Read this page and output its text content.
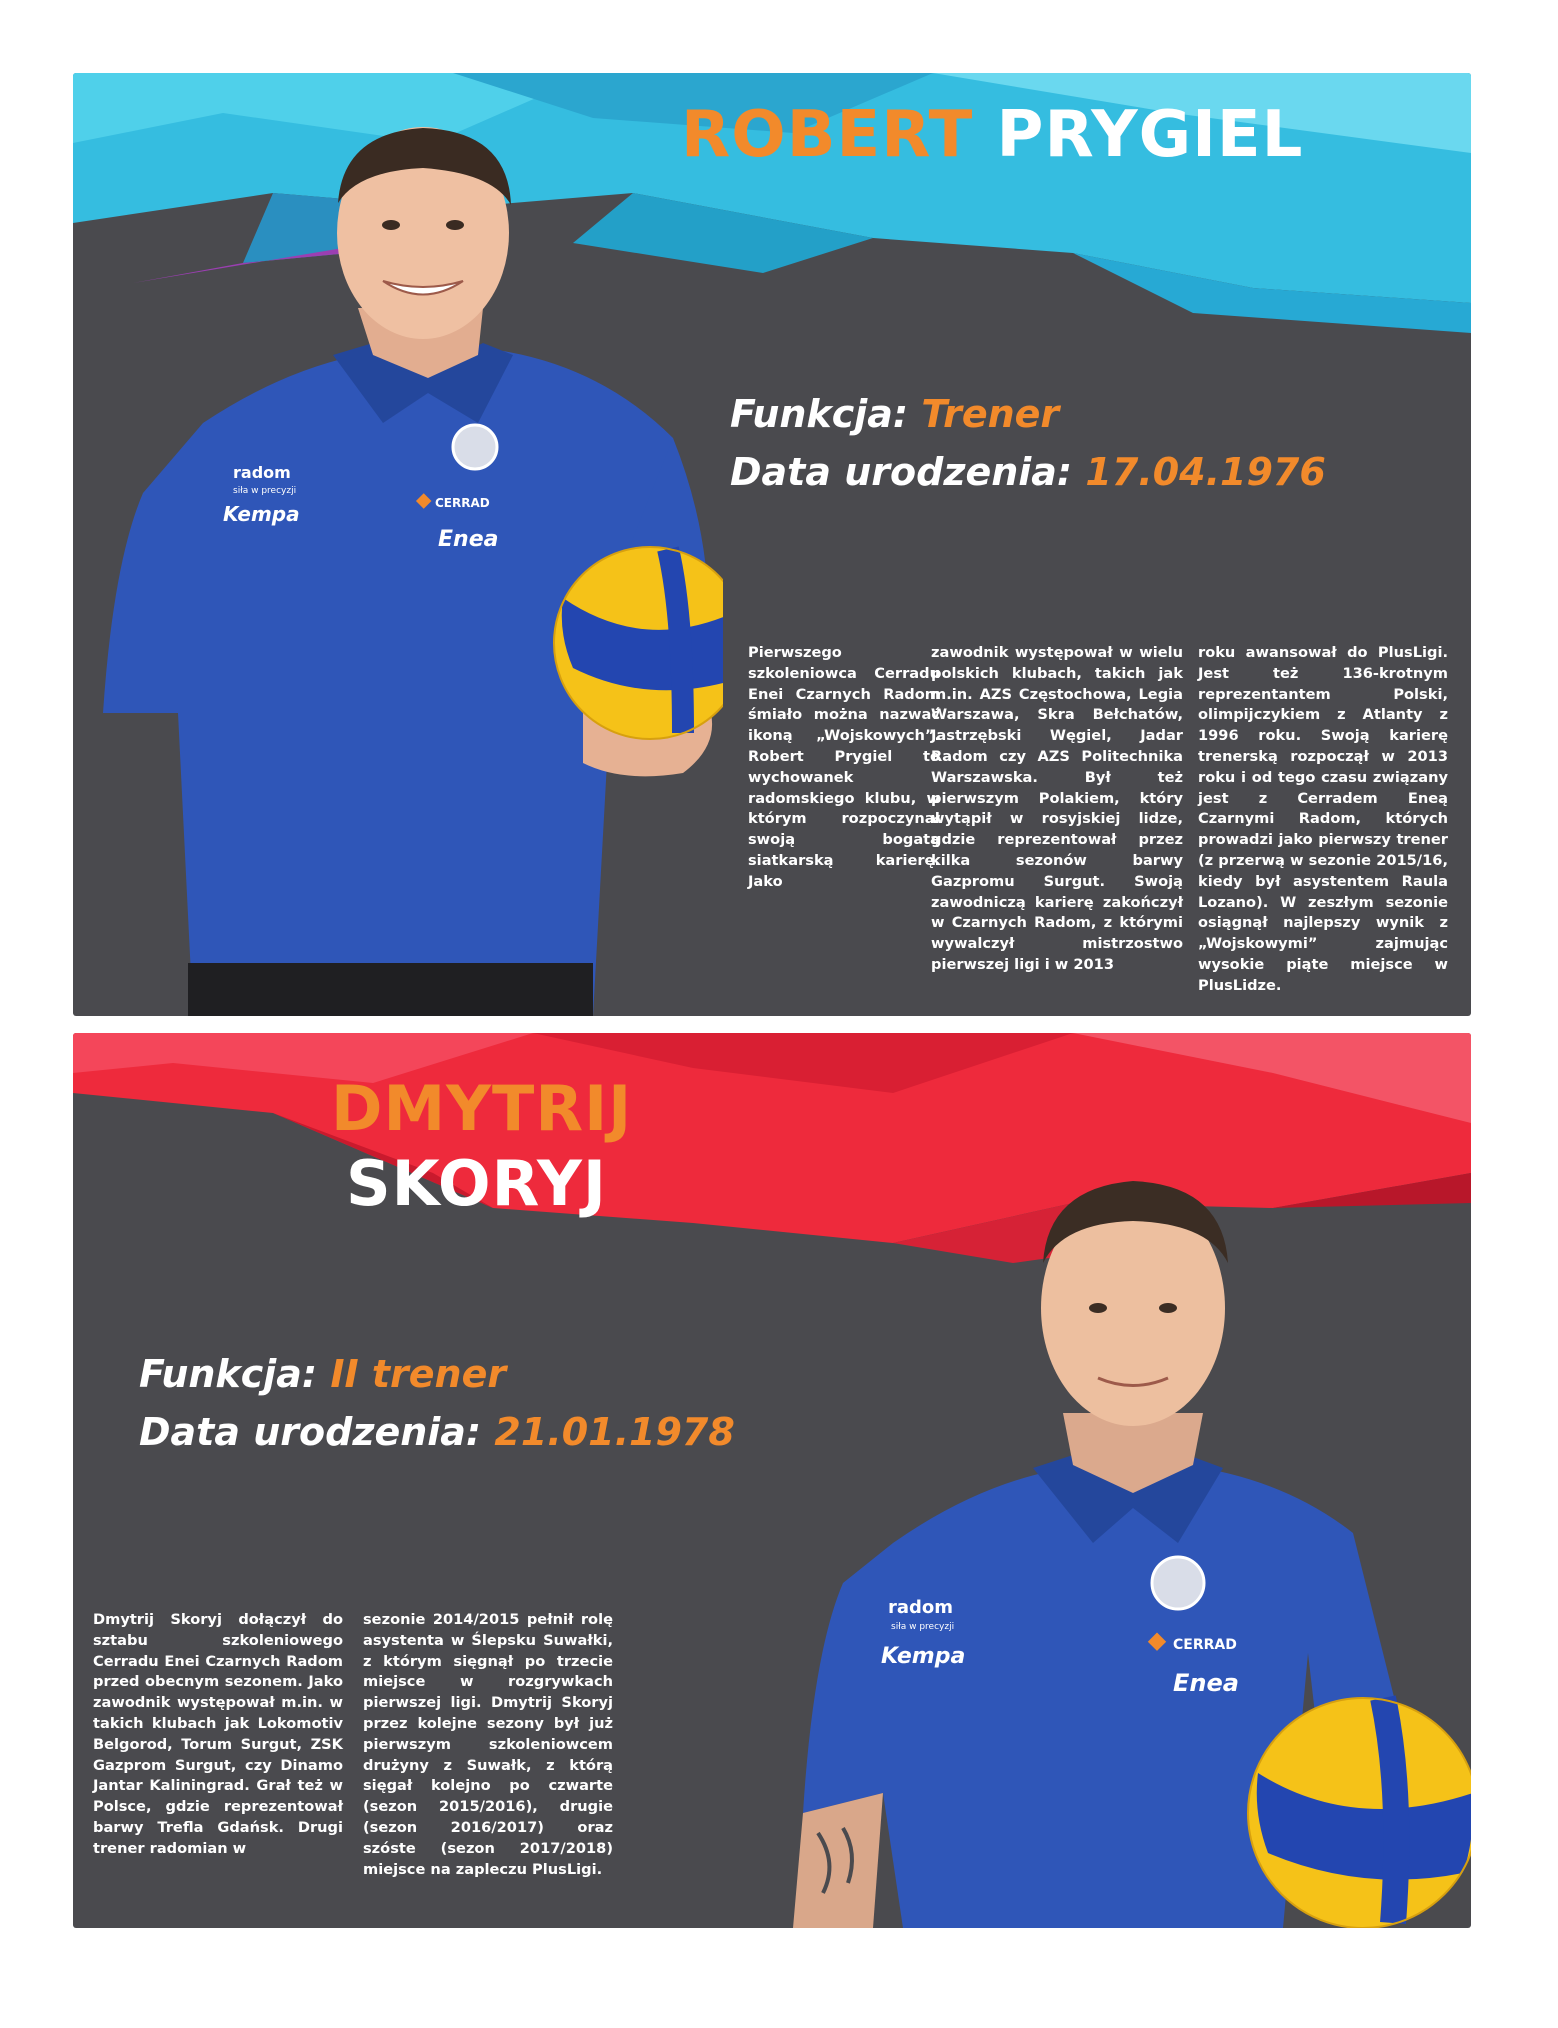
ROBERT PRYGIEL
Funkcja: Trener
Data urodzenia: 17.04.1976
radom
siła w precyzji
Kempa	CERRAD
Enea
Pierwszego szkoleniowca Cerradu Enei Czarnych Radom śmiało można nazwać ikoną „Wojskowych”. Robert Prygiel to wychowanek radomskiego klubu, w którym rozpoczynał swoją bogatą siatkarską karierę. Jako
zawodnik występował w wielu polskich klubach, takich jak m.in. AZS Częstochowa, Legia Warszawa, Skra Bełchatów, Jastrzębski Węgiel, Jadar Radom czy AZS Politechnika Warszawska. Był też pierwszym Polakiem, który wytąpił w rosyjskiej lidze, gdzie reprezentował przez kilka sezonów barwy Gazpromu Surgut. Swoją zawodniczą karierę zakończył w Czarnych Radom, z którymi wywalczył mistrzostwo pierwszej ligi i w 2013
roku awansował do PlusLigi. Jest też 136-krotnym reprezentantem Polski, olimpijczykiem z Atlanty z 1996 roku. Swoją karierę trenerską rozpoczął w 2013 roku i od tego czasu związany jest z Cerradem Eneą Czarnymi Radom, których prowadzi jako pierwszy trener (z przerwą w sezonie 2015/16, kiedy był asystentem Raula Lozano). W zeszłym sezonie osiągnął najlepszy wynik z „Wojskowymi” zajmując wysokie piąte miejsce w PlusLidze.
DMYTRIJ
SKORYJ
Funkcja: II trener
Data urodzenia: 21.01.1978
radom
siła w precyzji
Kempa	CERRAD
Enea
Dmytrij Skoryj dołączył do sztabu szkoleniowego Cerradu Enei Czarnych Radom przed obecnym sezonem. Jako zawodnik występował m.in. w takich klubach jak Lokomotiv Belgorod, Torum Surgut, ZSK Gazprom Surgut, czy Dinamo Jantar Kaliningrad. Grał też w Polsce, gdzie reprezentował barwy Trefla Gdańsk. Drugi trener radomian w
sezonie 2014/2015 pełnił rolę asystenta w Ślepsku Suwałki, z którym sięgnął po trzecie miejsce w rozgrywkach pierwszej ligi. Dmytrij Skoryj przez kolejne sezony był już pierwszym szkoleniowcem drużyny z Suwałk, z którą sięgał kolejno po czwarte (sezon 2015/2016), drugie (sezon 2016/2017) oraz szóste (sezon 2017/2018) miejsce na zapleczu PlusLigi.
